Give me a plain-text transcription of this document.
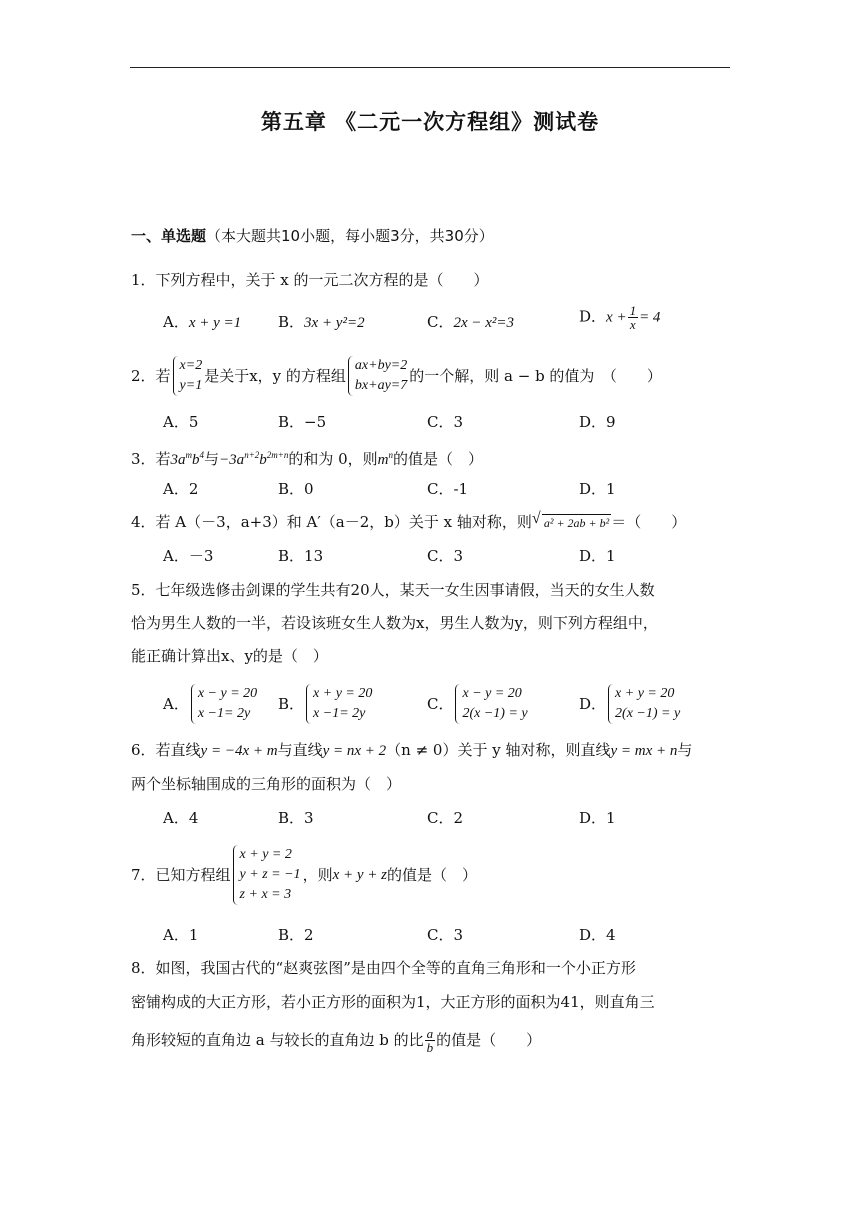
第五章 《二元一次方程组》测试卷
一、单选题（本大题共10小题，每小题3分，共30分）
1．下列方程中，关于 x 的一元二次方程的是（　　）
A．x + y =1 B．3x + y²=2	C．2x − x²=3	D．$x + \frac{1}{x} = 4$
2．若
x=2
y=1
是关于x，y 的方程组
ax+by=2
bx+ay=7
的一个解，则 a − b 的值为　（　　）
A．5	B．−5	C．3	D．9
3．若$3a^mb^4$与$-3a^{n+2}b^{2m+n}$的和为 0，则$m^n$的值是（　）
A．2	B．0	C．-1	D．1
4．若 A（－3，a+3）和 A′（a－2，b）关于 x 轴对称，则√ a² + 2ab + b² ＝（　　）
A．－3	B．13	C．3	D．1
5．七年级选修击剑课的学生共有20人，某天一女生因事请假，当天的女生人数
恰为男生人数的一半，若设该班女生人数为x，男生人数为y，则下列方程组中，
能正确计算出x、y的是（　）
A．
x − y = 20
x −1= 2y
B．
x + y = 20
x −1= 2y
C．
x − y = 20
2(x −1) = y
D．
x + y = 20
2(x −1) = y
6．若直线y = −4x + m与直线y = nx + 2（n ≠ 0）关于 y 轴对称，则直线y = mx + n与
两个坐标轴围成的三角形的面积为（　）
A．4	B．3	C．2	D．1
7．已知方程组
x + y = 2
y + z = −1
z + x = 3
，则 x + y + z 的值是（　）
A．1	B．2	C．3	D．4
8．如图，我国古代的“赵爽弦图”是由四个全等的直角三角形和一个小正方形
密铺构成的大正方形，若小正方形的面积为1，大正方形的面积为41，则直角三
角形较短的直角边 a 与较长的直角边 b 的比 $\frac{a}{b}$ 的值是（　　）
